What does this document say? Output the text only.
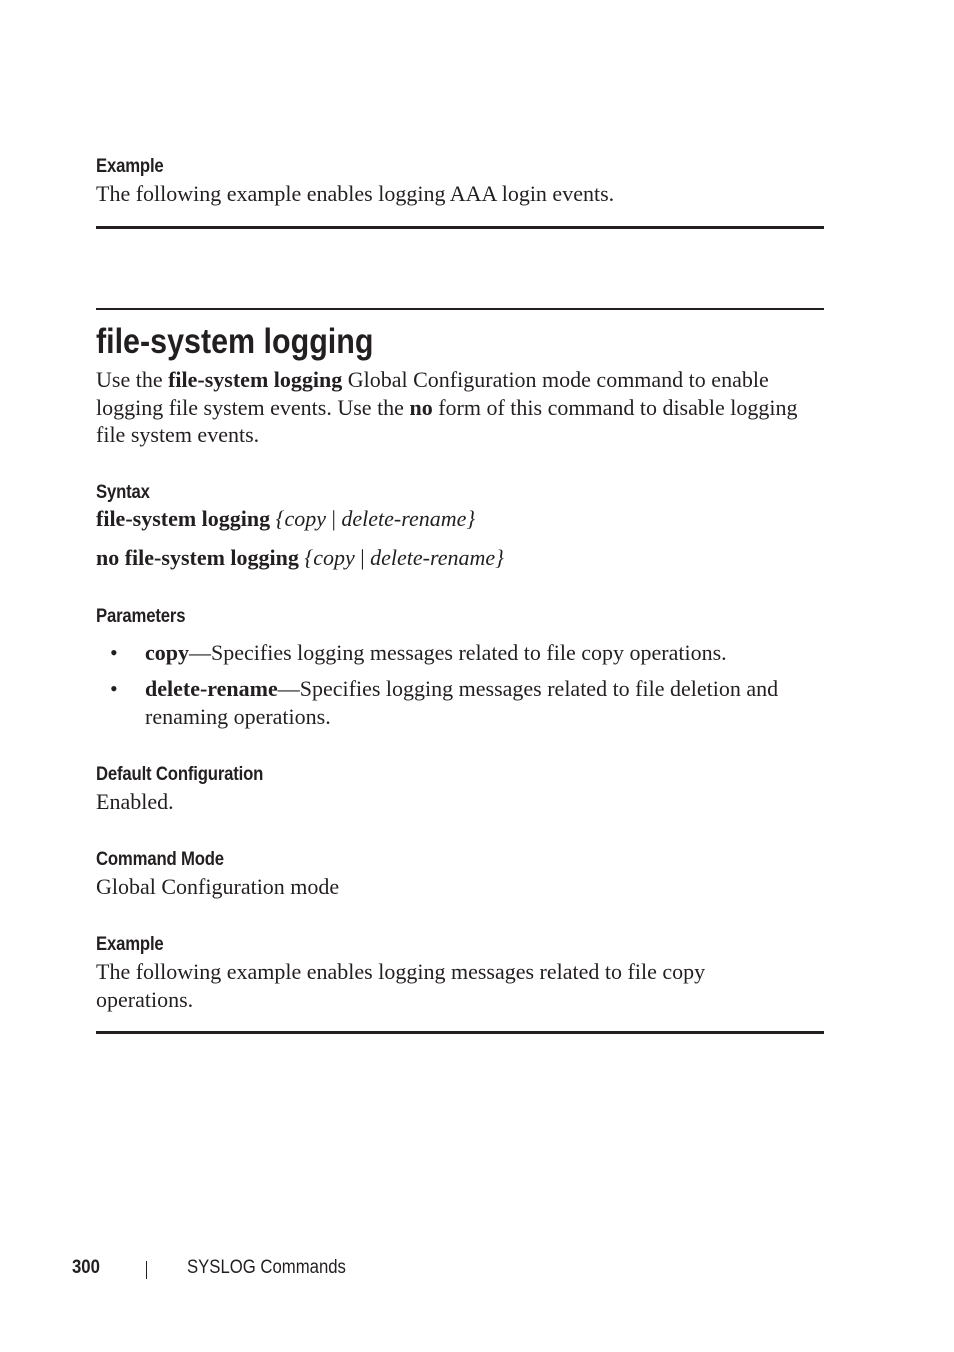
Example
The following example enables logging AAA login events.
file-system logging
Use the file-system logging Global Configuration mode command to enable logging file system events. Use the no form of this command to disable logging file system events.
Syntax
file-system logging {copy | delete-rename}
no file-system logging {copy | delete-rename}
Parameters
• copy—Specifies logging messages related to file copy operations.
• delete-rename—Specifies logging messages related to file deletion and renaming operations.
Default Configuration
Enabled.
Command Mode
Global Configuration mode
Example
The following example enables logging messages related to file copy operations.
300	SYSLOG Commands
